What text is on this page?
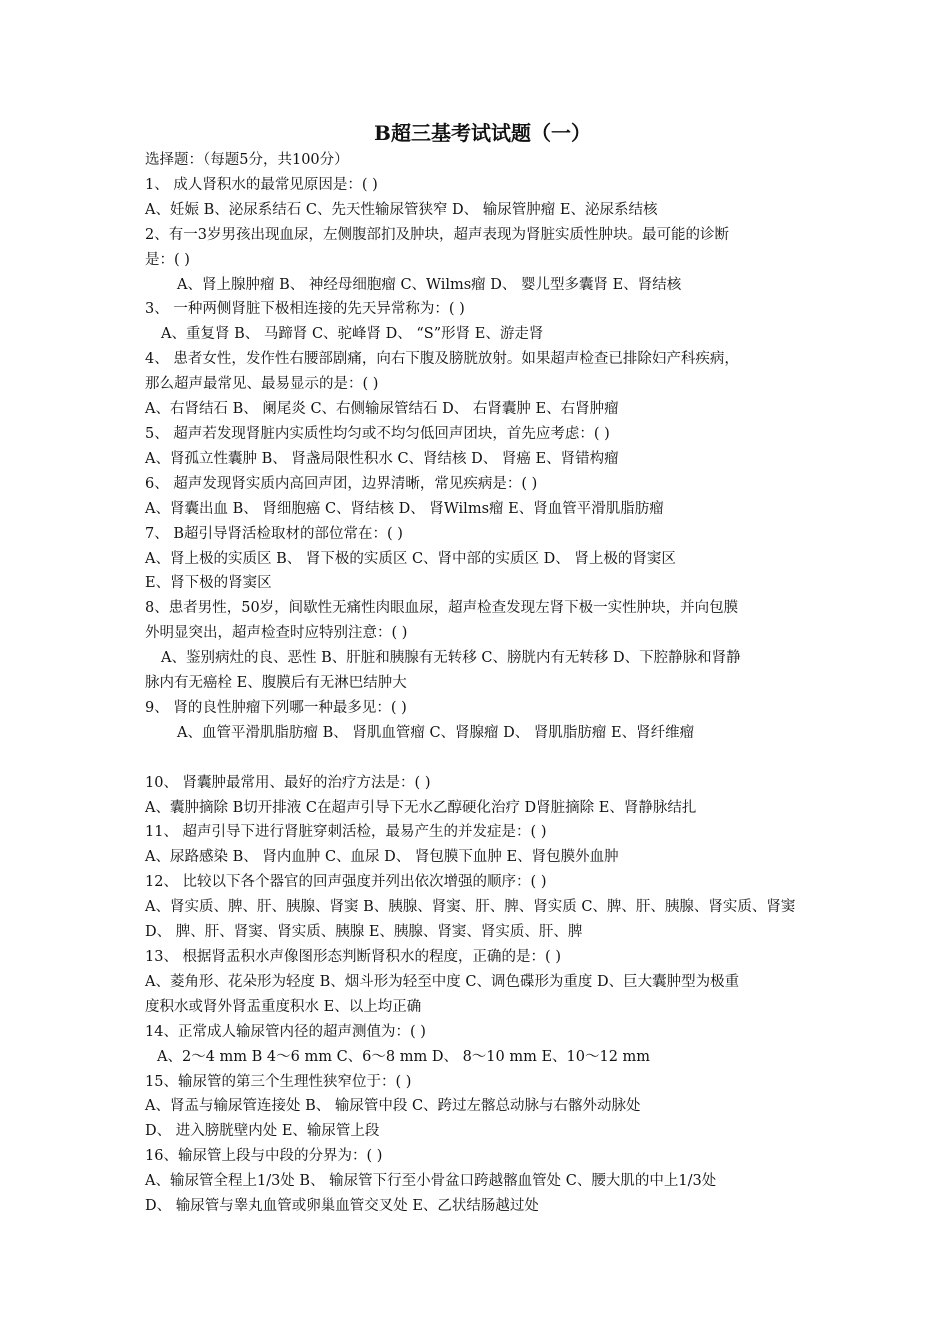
B超三基考试试题（一）

选择题：（每题5分，共100分）

1、 成人肾积水的最常见原因是：( )

A、妊娠 B、泌尿系结石 C、先天性输尿管狭窄 D、 输尿管肿瘤 E、泌尿系结核

2、有一3岁男孩出现血尿，左侧腹部扪及肿块，超声表现为肾脏实质性肿块。最可能的诊断

是：( )

A、肾上腺肿瘤 B、 神经母细胞瘤 C、Wilms瘤 D、 婴儿型多囊肾 E、肾结核

3、 一种两侧肾脏下极相连接的先天异常称为：( )

A、重复肾 B、 马蹄肾 C、驼峰肾 D、 “S”形肾 E、游走肾

4、 患者女性，发作性右腰部剧痛，向右下腹及膀胱放射。如果超声检查已排除妇产科疾病，

那么超声最常见、最易显示的是：( )

A、右肾结石 B、 阑尾炎 C、右侧输尿管结石 D、 右肾囊肿 E、右肾肿瘤

5、 超声若发现肾脏内实质性均匀或不均匀低回声团块，首先应考虑：( )

A、肾孤立性囊肿 B、 肾盏局限性积水 C、肾结核 D、 肾癌 E、肾错构瘤

6、 超声发现肾实质内高回声团，边界清晰，常见疾病是：( )

A、肾囊出血 B、 肾细胞癌 C、肾结核 D、 肾Wilms瘤 E、肾血管平滑肌脂肪瘤

7、 B超引导肾活检取材的部位常在：( )

A、肾上极的实质区 B、 肾下极的实质区 C、肾中部的实质区 D、 肾上极的肾窦区

E、肾下极的肾窦区

8、患者男性，50岁，间歇性无痛性肉眼血尿，超声检查发现左肾下极一实性肿块，并向包膜

外明显突出，超声检查时应特别注意：( )

A、鉴别病灶的良、恶性 B、肝脏和胰腺有无转移 C、膀胱内有无转移 D、下腔静脉和肾静

脉内有无癌栓 E、腹膜后有无淋巴结肿大

9、 肾的良性肿瘤下列哪一种最多见：( )

A、血管平滑肌脂肪瘤 B、 肾肌血管瘤 C、肾腺瘤 D、 肾肌脂肪瘤 E、肾纤维瘤

10、 肾囊肿最常用、最好的治疗方法是：( )

A、囊肿摘除 B切开排液 C在超声引导下无水乙醇硬化治疗 D肾脏摘除 E、肾静脉结扎

11、 超声引导下进行肾脏穿刺活检，最易产生的并发症是：( )

A、尿路感染 B、 肾内血肿 C、血尿 D、 肾包膜下血肿 E、肾包膜外血肿

12、 比较以下各个器官的回声强度并列出依次增强的顺序：( )

A、肾实质、脾、肝、胰腺、肾窦 B、胰腺、肾窦、肝、脾、肾实质 C、脾、肝、胰腺、肾实质、肾窦

D、 脾、肝、肾窦、肾实质、胰腺 E、胰腺、肾窦、肾实质、肝、脾

13、 根据肾盂积水声像图形态判断肾积水的程度，正确的是：( )

A、菱角形、花朵形为轻度 B、烟斗形为轻至中度 C、调色碟形为重度 D、巨大囊肿型为极重

度积水或肾外肾盂重度积水 E、以上均正确

14、正常成人输尿管内径的超声测值为：( )

A、2～4 mm B 4～6 mm C、6～8 mm D、 8～10 mm E、10～12 mm

15、输尿管的第三个生理性狭窄位于：( )

A、肾盂与输尿管连接处 B、 输尿管中段 C、跨过左髂总动脉与右髂外动脉处

D、 进入膀胱壁内处 E、输尿管上段

16、输尿管上段与中段的分界为：( )

A、输尿管全程上1/3处 B、 输尿管下行至小骨盆口跨越髂血管处 C、腰大肌的中上1/3处

D、 输尿管与睾丸血管或卵巢血管交叉处 E、乙状结肠越过处
